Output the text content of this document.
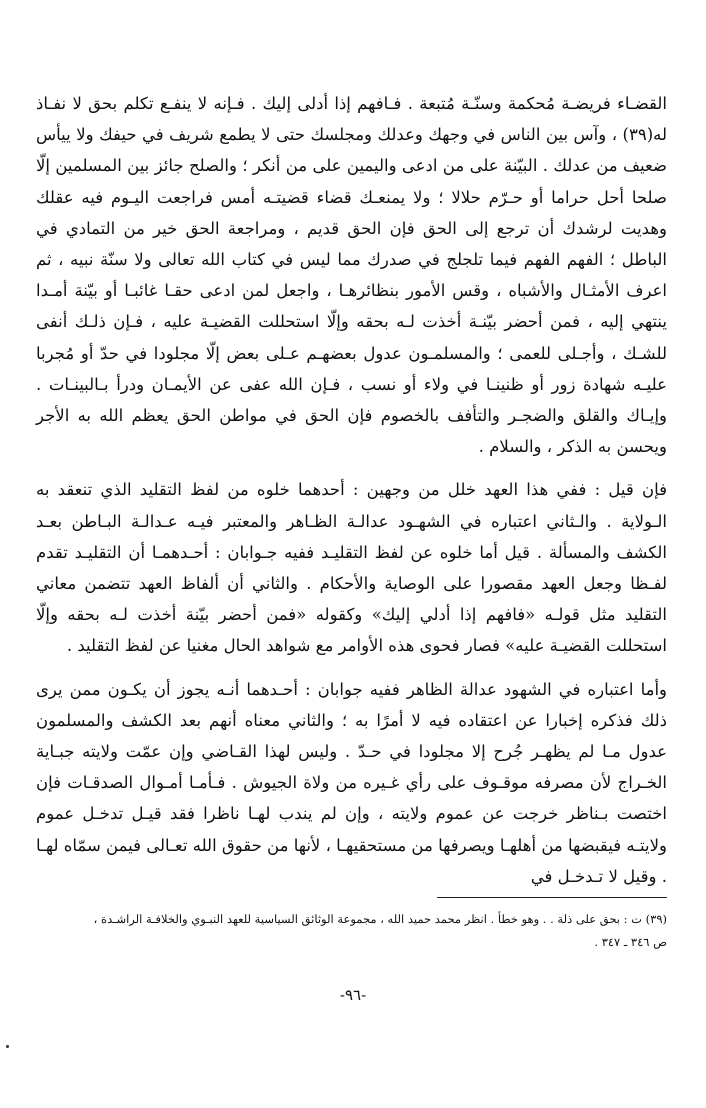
القضـاء فريضـة مُحكمة وسنّـة مُتبعة . فـافهم إذا أدلى إليك . فـإنه لا ينفـع تكلم بحق لا نفـاذ له(٣٩) ، وآس بين الناس في وجهك وعدلك ومجلسك حتى لا يطمع شريف في حيفك ولا ييأس ضعيف من عدلك . البيّنة على من ادعى واليمين على من أنكر ؛ والصلح جائز بين المسلمين إلّا صلحا أحل حراما أو حـرّم حلالا ؛ ولا يمنعـك قضاء قضيتـه أمس فراجعت اليـوم فيه عقلك وهديت لرشدك أن ترجع إلى الحق فإن الحق قديم ، ومراجعة الحق خير من التمادي في الباطل ؛ الفهم الفهم فيما تلجلج في صدرك مما ليس في كتاب الله تعالى ولا سنّة نبيه ، ثم اعرف الأمثـال والأشباه ، وقس الأمور بنظائرهـا ، واجعل لمن ادعى حقـا غائبـا أو بيّنة أمـدا ينتهي إليه ، فمن أحضر بيّنـة أخذت لـه بحقه وإلّا استحللت القضيـة عليه ، فـإن ذلـك أنفى للشـك ، وأجـلى للعمى ؛ والمسلمـون عدول بعضهـم عـلى بعض إلّا مجلودا في حدّ أو مُجربا عليـه شهادة زور أو ظنينـا في ولاء أو نسب ، فـإن الله عفى عن الأيمـان ودرأ بـالبينـات . وإيـاك والقلق والضجـر والتأفف بالخصوم فإن الحق في مواطن الحق يعظم الله به الأجر ويحسن به الذكر ، والسلام .

فإن قيل : ففي هذا العهد خلل من وجهين : أحدهما خلوه من لفظ التقليد الذي تنعقد به الـولاية . والـثاني اعتباره في الشهـود عدالـة الظـاهر والمعتبر فيـه عـدالـة البـاطن بعـد الكشف والمسألة . قيل أما خلوه عن لفظ التقليـد ففيه جـوابان : أحـدهمـا أن التقليـد تقدم لفـظا وجعل العهد مقصورا على الوصاية والأحكام . والثاني أن ألفاظ العهد تتضمن معاني التقليد مثل قولـه «فافهم إذا أدلي إليك» وكقوله «فمن أحضر بيّنة أخذت لـه بحقه وإلّا استحللت القضيـة عليه» فصار فحوى هذه الأوامر مع شواهد الحال مغنيا عن لفظ التقليد .

وأما اعتباره في الشهود عدالة الظاهر ففيه جوابان : أحـدهما أنـه يجوز أن يكـون ممن يرى ذلك فذكره إخبارا عن اعتقاده فيه لا أمرًا به ؛ والثاني معناه أنهم بعد الكشف والمسلمون عدول مـا لم يظهـر جُرح إلا مجلودا في حـدّ . وليس لهذا القـاضي وإن عمّت ولايته جبـاية الخـراج لأن مصرفه موقـوف على رأي غـيره من ولاة الجيوش . فـأمـا أمـوال الصدقـات فإن اختصت بـناظر خرجت عن عموم ولايته ، وإن لم يندب لهـا ناظرا فقد قيـل تدخـل عموم ولايتـه فيقبضها من أهلهـا ويصرفها من مستحقيهـا ، لأنها من حقوق الله تعـالى فيمن سمّاه لهـا . وقيل لا تـدخـل في

(٣٩) ت : بحق على ذلة . . وهو خطأ . انظر محمد حميد الله ، مجموعة الوثائق السياسية للعهد النبـوي والخلافـة الراشـدة ،

ص ٣٤٦ ـ ٣٤٧ .

-٩٦-
